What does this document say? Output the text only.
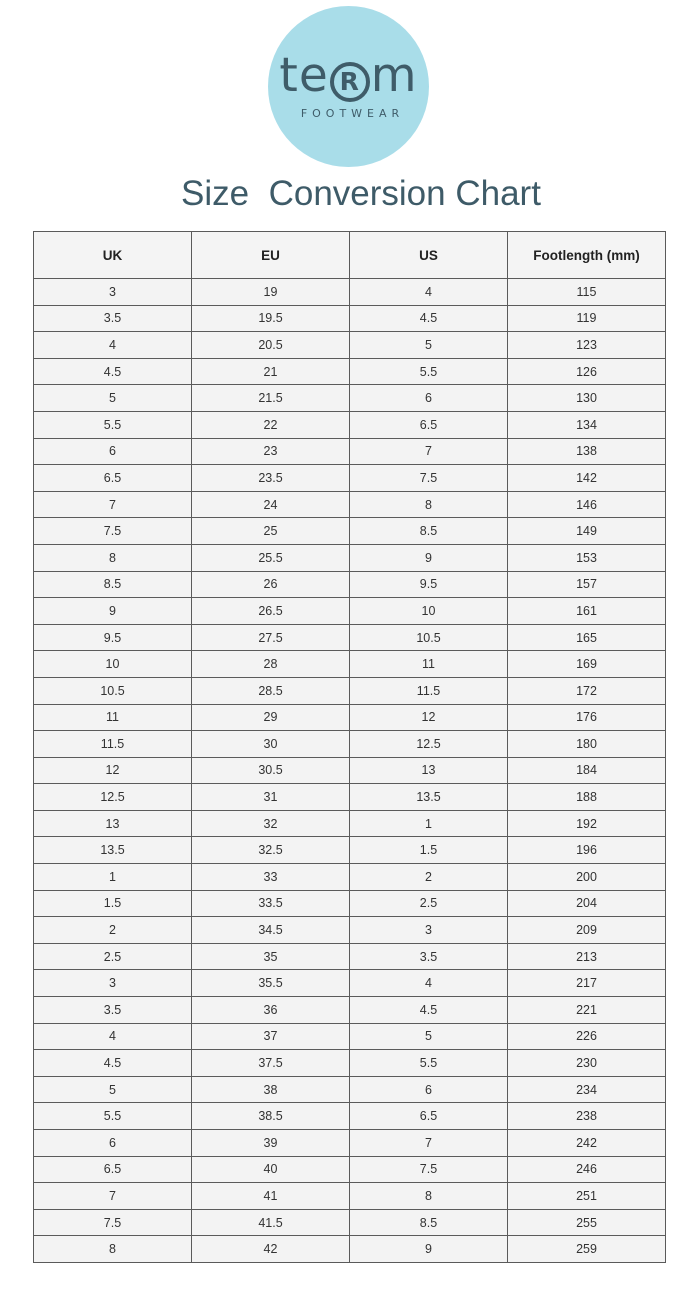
te R m
FOOTWEAR
Size  Conversion Chart
UK	EU	US	Footlength (mm)
3	19	4	115
3.5	19.5	4.5	119
4	20.5	5	123
4.5	21	5.5	126
5	21.5	6	130
5.5	22	6.5	134
6	23	7	138
6.5	23.5	7.5	142
7	24	8	146
7.5	25	8.5	149
8	25.5	9	153
8.5	26	9.5	157
9	26.5	10	161
9.5	27.5	10.5	165
10	28	11	169
10.5	28.5	11.5	172
11	29	12	176
11.5	30	12.5	180
12	30.5	13	184
12.5	31	13.5	188
13	32	1	192
13.5	32.5	1.5	196
1	33	2	200
1.5	33.5	2.5	204
2	34.5	3	209
2.5	35	3.5	213
3	35.5	4	217
3.5	36	4.5	221
4	37	5	226
4.5	37.5	5.5	230
5	38	6	234
5.5	38.5	6.5	238
6	39	7	242
6.5	40	7.5	246
7	41	8	251
7.5	41.5	8.5	255
8	42	9	259
